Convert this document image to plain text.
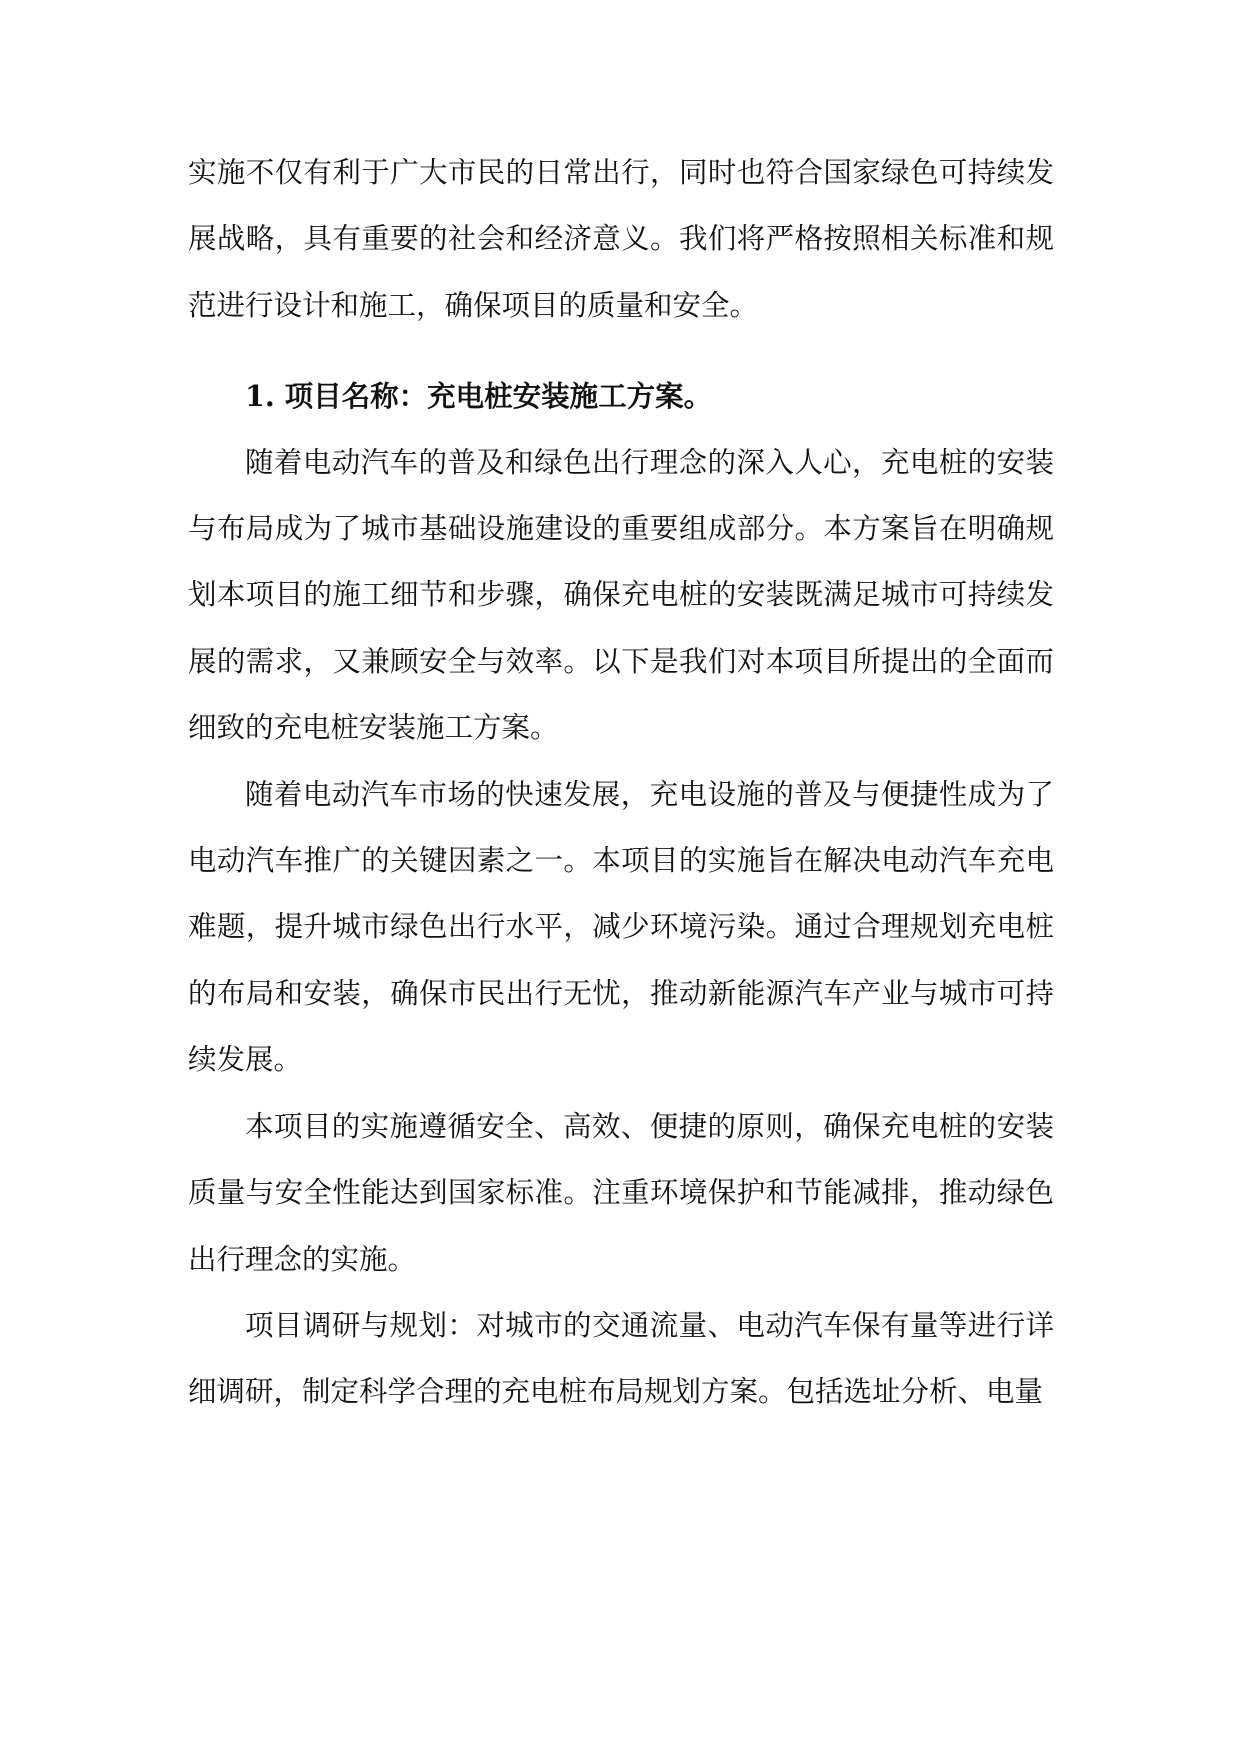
实施不仅有利于广大市民的日常出行，同时也符合国家绿色可持续发展战略，具有重要的社会和经济意义。我们将严格按照相关标准和规范进行设计和施工，确保项目的质量和安全。

1. 项目名称：充电桩安装施工方案。

随着电动汽车的普及和绿色出行理念的深入人心，充电桩的安装与布局成为了城市基础设施建设的重要组成部分。本方案旨在明确规划本项目的施工细节和步骤，确保充电桩的安装既满足城市可持续发展的需求，又兼顾安全与效率。以下是我们对本项目所提出的全面而细致的充电桩安装施工方案。

随着电动汽车市场的快速发展，充电设施的普及与便捷性成为了电动汽车推广的关键因素之一。本项目的实施旨在解决电动汽车充电难题，提升城市绿色出行水平，减少环境污染。通过合理规划充电桩的布局和安装，确保市民出行无忧，推动新能源汽车产业与城市可持续发展。

本项目的实施遵循安全、高效、便捷的原则，确保充电桩的安装质量与安全性能达到国家标准。注重环境保护和节能减排，推动绿色出行理念的实施。

项目调研与规划：对城市的交通流量、电动汽车保有量等进行详细调研，制定科学合理的充电桩布局规划方案。包括选址分析、电量
